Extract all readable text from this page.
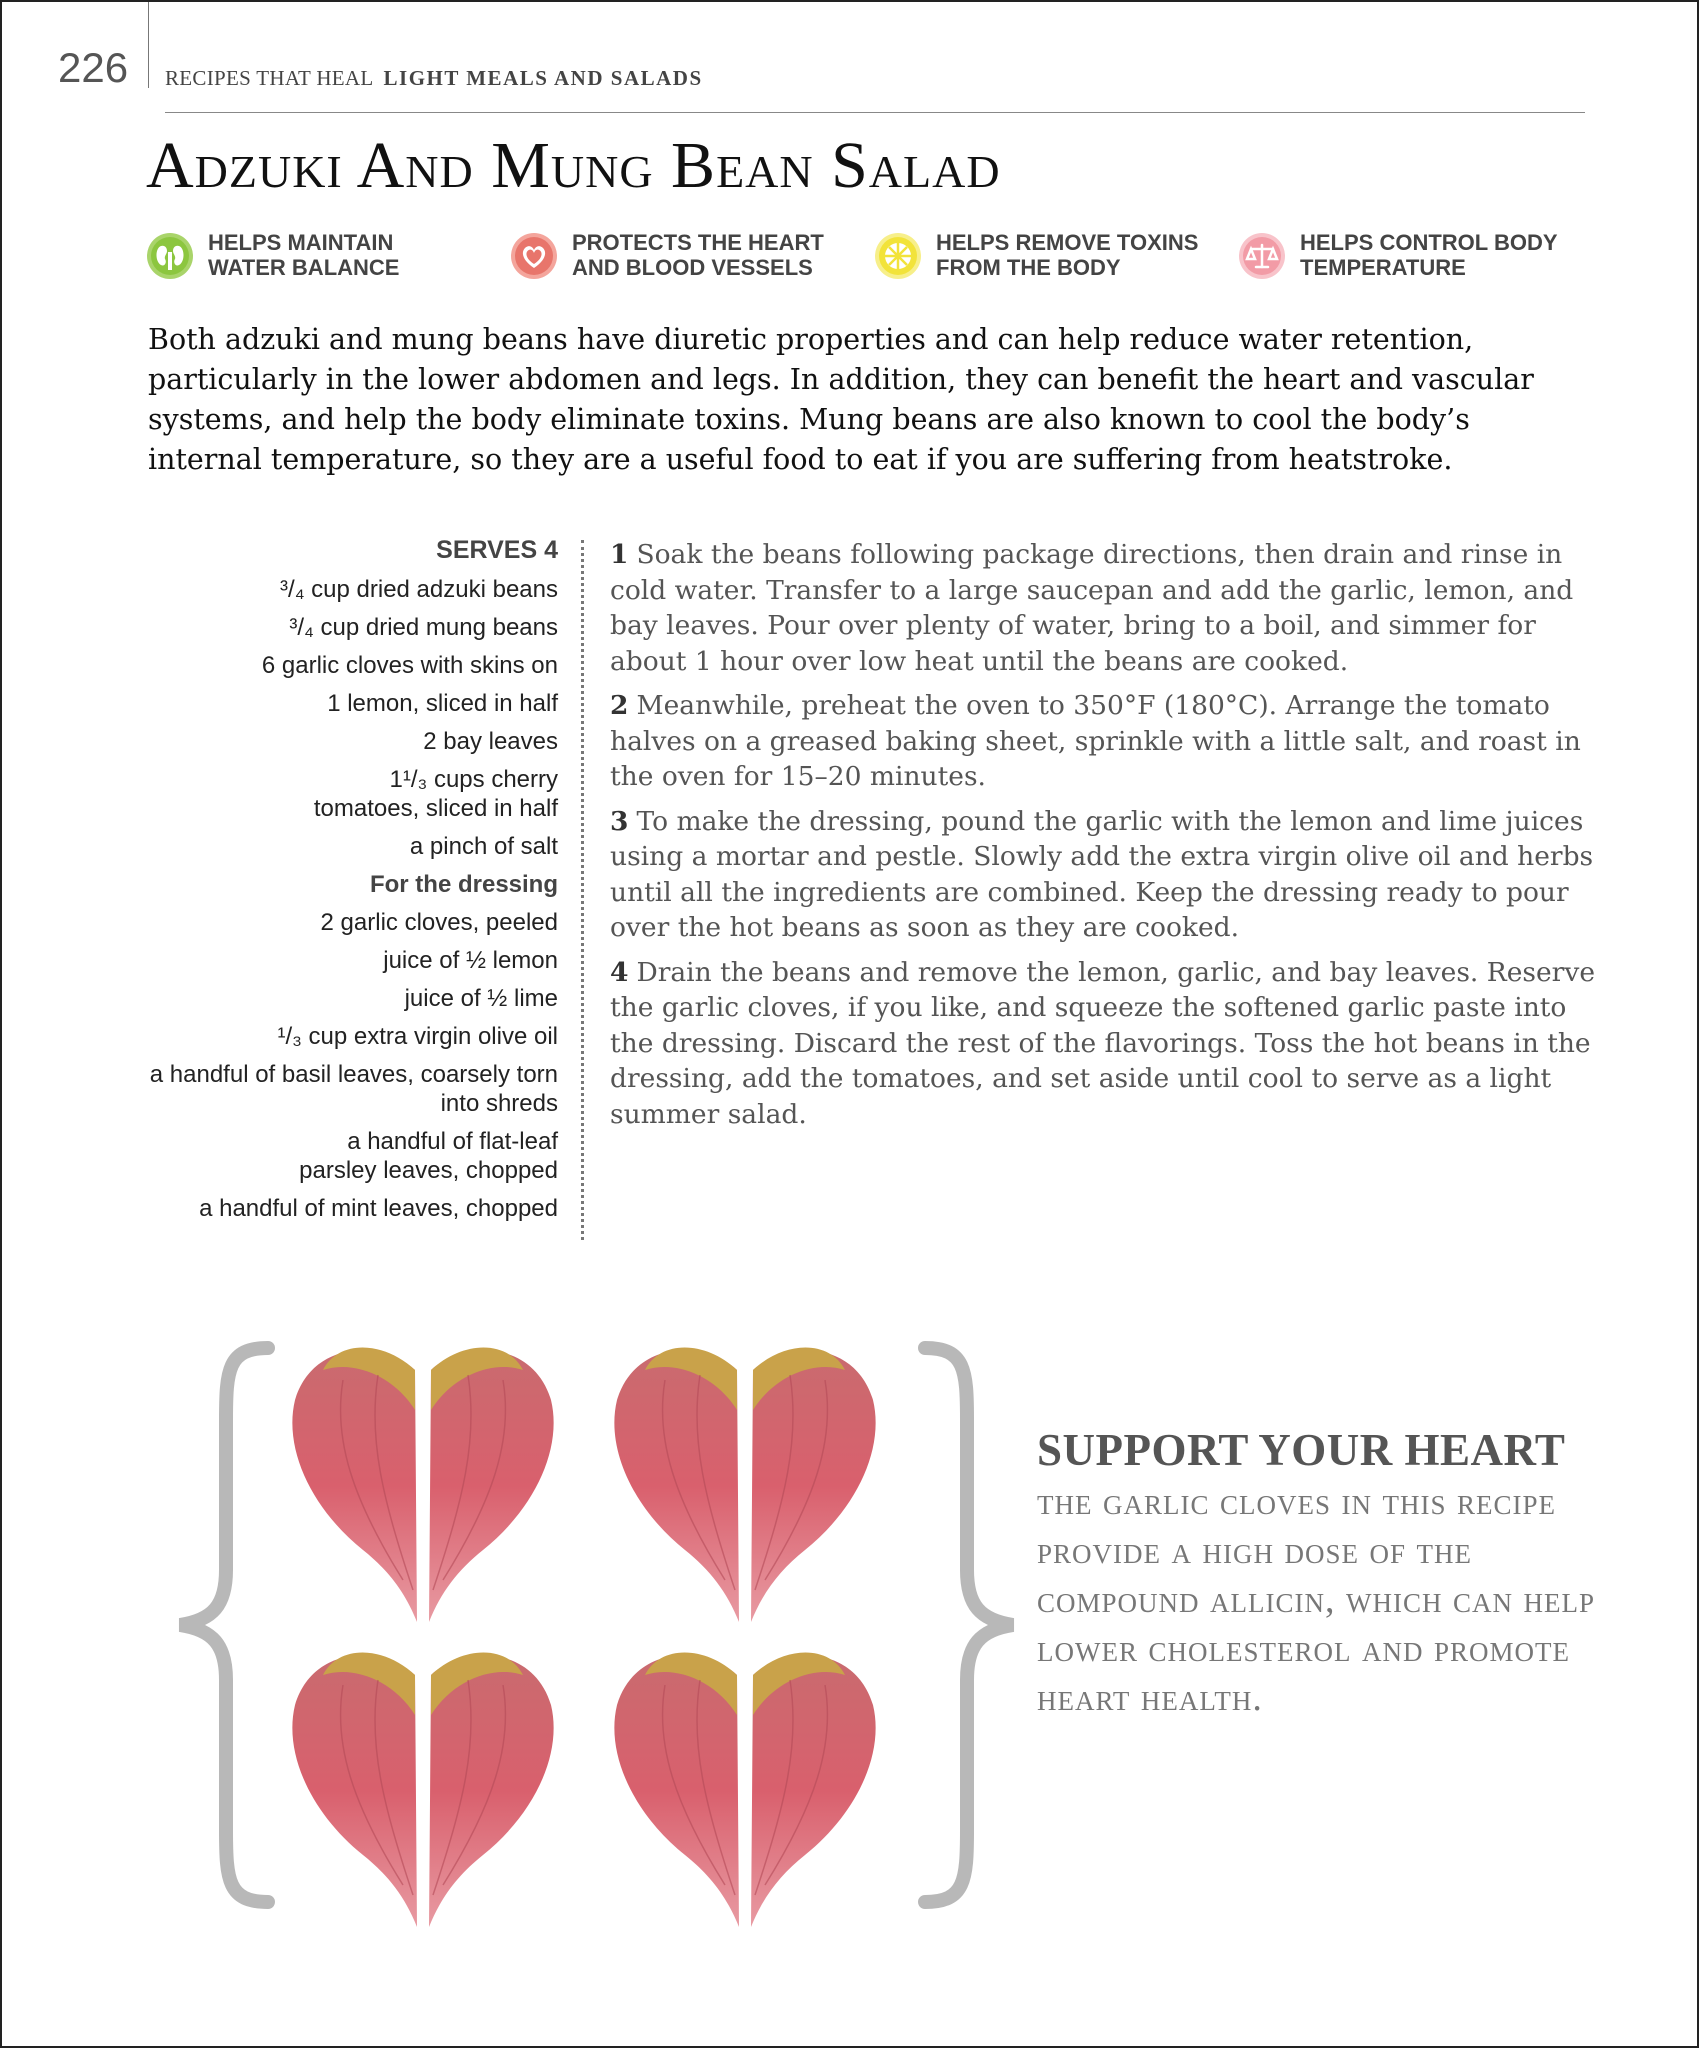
226 RECIPES THAT HEAL LIGHT MEALS AND SALADS
Adzuki And Mung Bean Salad
HELPS MAINTAIN
WATER BALANCE
PROTECTS THE HEART
AND BLOOD VESSELS
HELPS REMOVE TOXINS
FROM THE BODY
HELPS CONTROL BODY
TEMPERATURE
Both adzuki and mung beans have diuretic properties and can help reduce water retention, particularly in the lower abdomen and legs. In addition, they can benefit the heart and vascular systems, and help the body eliminate toxins. Mung beans are also known to cool the body’s internal temperature, so they are a useful food to eat if you are suffering from heatstroke.
SERVES 4
³/₄ cup dried adzuki beans
³/₄ cup dried mung beans
6 garlic cloves with skins on
1 lemon, sliced in half
2 bay leaves
1¹/₃ cups cherry tomatoes, sliced in half
a pinch of salt
For the dressing
2 garlic cloves, peeled
juice of ½ lemon
juice of ½ lime
¹/₃ cup extra virgin olive oil
a handful of basil leaves, coarsely torn into shreds
a handful of flat-leaf parsley leaves, chopped
a handful of mint leaves, chopped
1 Soak the beans following package directions, then drain and rinse in cold water. Transfer to a large saucepan and add the garlic, lemon, and bay leaves. Pour over plenty of water, bring to a boil, and simmer for about 1 hour over low heat until the beans are cooked.
2 Meanwhile, preheat the oven to 350°F (180°C). Arrange the tomato halves on a greased baking sheet, sprinkle with a little salt, and roast in the oven for 15–20 minutes.
3 To make the dressing, pound the garlic with the lemon and lime juices using a mortar and pestle. Slowly add the extra virgin olive oil and herbs until all the ingredients are combined. Keep the dressing ready to pour over the hot beans as soon as they are cooked.
4 Drain the beans and remove the lemon, garlic, and bay leaves. Reserve the garlic cloves, if you like, and squeeze the softened garlic paste into the dressing. Discard the rest of the flavorings. Toss the hot beans in the dressing, add the tomatoes, and set aside until cool to serve as a light summer salad.
SUPPORT YOUR HEART
the garlic cloves in this recipe provide a high dose of the compound allicin, which can help lower cholesterol and promote heart health.
